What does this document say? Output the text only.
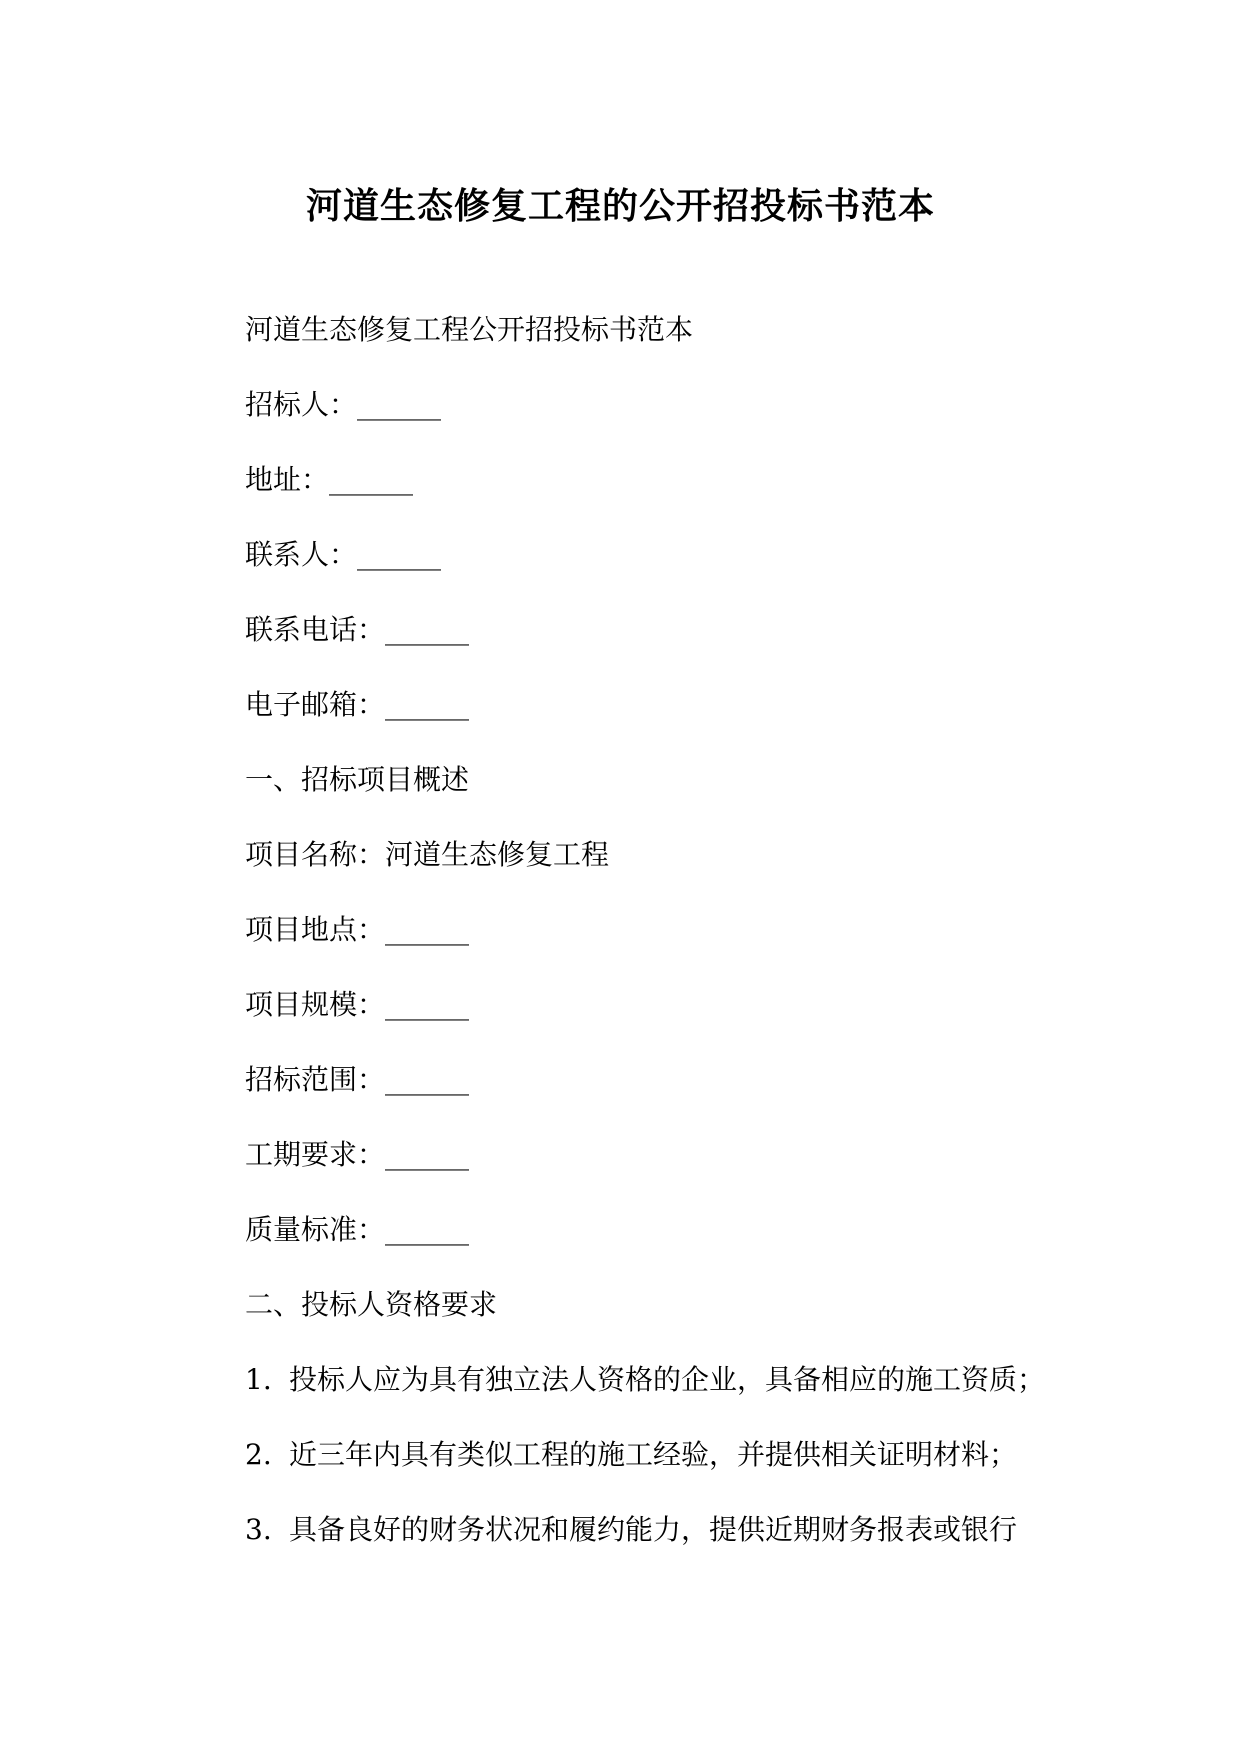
河道生态修复工程的公开招投标书范本
河道生态修复工程公开招投标书范本
招标人：______
地址：______
联系人：______
联系电话：______
电子邮箱：______
一、招标项目概述
项目名称：河道生态修复工程
项目地点：______
项目规模：______
招标范围：______
工期要求：______
质量标准：______
二、投标人资格要求
1. 投标人应为具有独立法人资格的企业，具备相应的施工资质；
2. 近三年内具有类似工程的施工经验，并提供相关证明材料；
3. 具备良好的财务状况和履约能力，提供近期财务报表或银行
